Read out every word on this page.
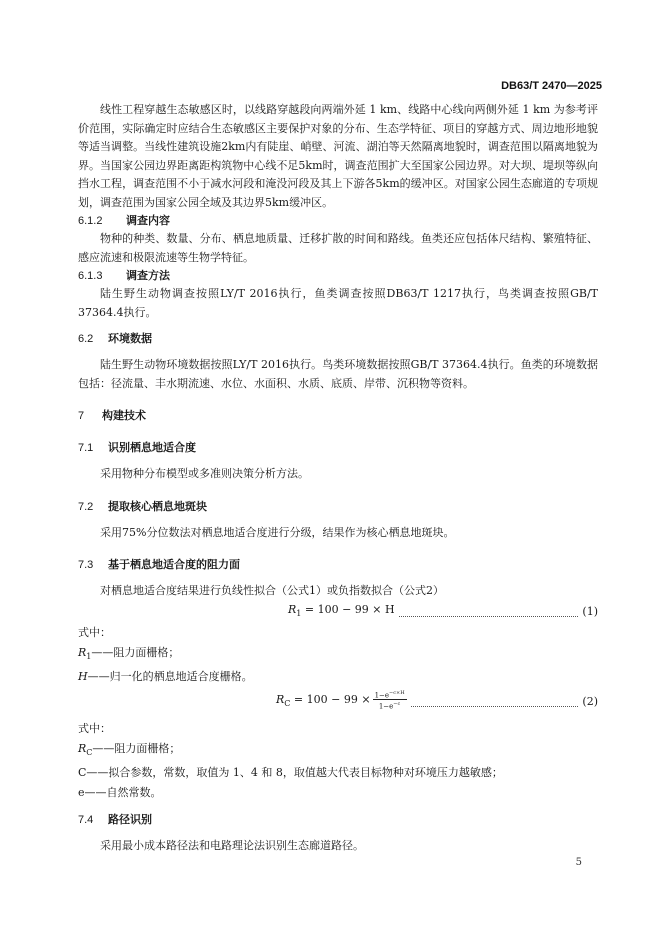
DB63/T 2470—2025

线性工程穿越生态敏感区时，以线路穿越段向两端外延 1 km、线路中心线向两侧外延 1 km 为参考评价范围，实际确定时应结合生态敏感区主要保护对象的分布、生态学特征、项目的穿越方式、周边地形地貌等适当调整。当线性建筑设施2km内有陡崖、峭壁、河流、湖泊等天然隔离地貌时，调查范围以隔离地貌为界。当国家公园边界距离距构筑物中心线不足5km时，调查范围扩大至国家公园边界。对大坝、堤坝等纵向挡水工程，调查范围不小于减水河段和淹没河段及其上下游各5km的缓冲区。对国家公园生态廊道的专项规划，调查范围为国家公园全域及其边界5km缓冲区。

6.1.2 调查内容

物种的种类、数量、分布、栖息地质量、迁移扩散的时间和路线。鱼类还应包括体尺结构、繁殖特征、感应流速和极限流速等生物学特征。

6.1.3 调查方法

陆生野生动物调查按照LY/T 2016执行，鱼类调查按照DB63/T 1217执行，鸟类调查按照GB/T 37364.4执行。

6.2 环境数据

陆生野生动物环境数据按照LY/T 2016执行。鸟类环境数据按照GB/T 37364.4执行。鱼类的环境数据包括：径流量、丰水期流速、水位、水面积、水质、底质、岸带、沉积物等资料。

7 构建技术
7.1 识别栖息地适合度

采用物种分布模型或多准则决策分析方法。

7.2 提取核心栖息地斑块

采用75%分位数法对栖息地适合度进行分级，结果作为核心栖息地斑块。

7.3 基于栖息地适合度的阻力面

对栖息地适合度结果进行负线性拟合（公式1）或负指数拟合（公式2）

$R_1 = 100 - 99 \times H$	(1)

式中：

$R_1——$阻力面栅格；

H——归一化的栖息地适合度栅格。

$R_C = 100 - 99 \times \frac{1-e^{-c\times H}}{1-e^{-c}}$	(2)

式中：

$R_C——$阻力面栅格；

C——拟合参数，常数，取值为 1、4 和 8，取值越大代表目标物种对环境压力越敏感；

e——自然常数。

7.4 路径识别

采用最小成本路径法和电路理论法识别生态廊道路径。

5
